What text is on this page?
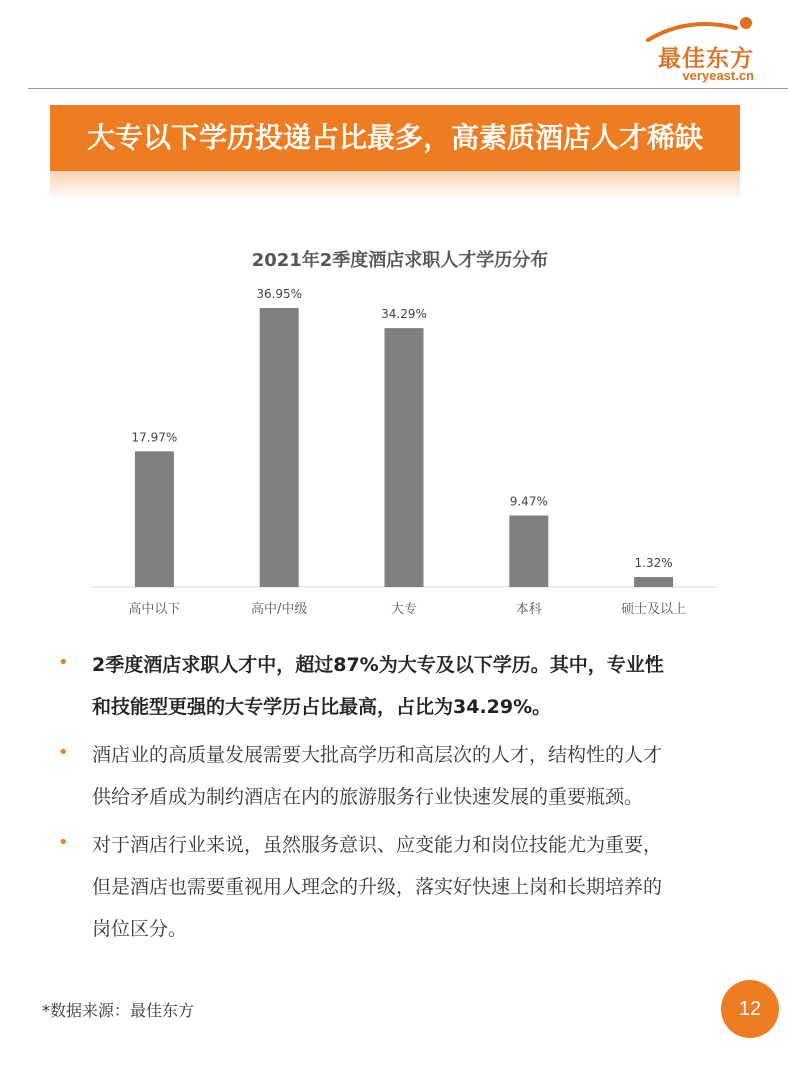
最佳东方
veryeast.cn
大专以下学历投递占比最多，高素质酒店人才稀缺
2021年2季度酒店求职人才学历分布
17.97%
高中以下
36.95%
高中/中级
34.29%
大专
9.47%
本科
1.32%
硕士及以上
• 2季度酒店求职人才中，超过87%为大专及以下学历。其中，专业性

和技能型更强的大专学历占比最高，占比为34.29%。

• 酒店业的高质量发展需要大批高学历和高层次的人才，结构性的人才

供给矛盾成为制约酒店在内的旅游服务行业快速发展的重要瓶颈。

• 对于酒店行业来说，虽然服务意识、应变能力和岗位技能尤为重要，

但是酒店也需要重视用人理念的升级，落实好快速上岗和长期培养的

岗位区分。

*数据来源：最佳东方	12
